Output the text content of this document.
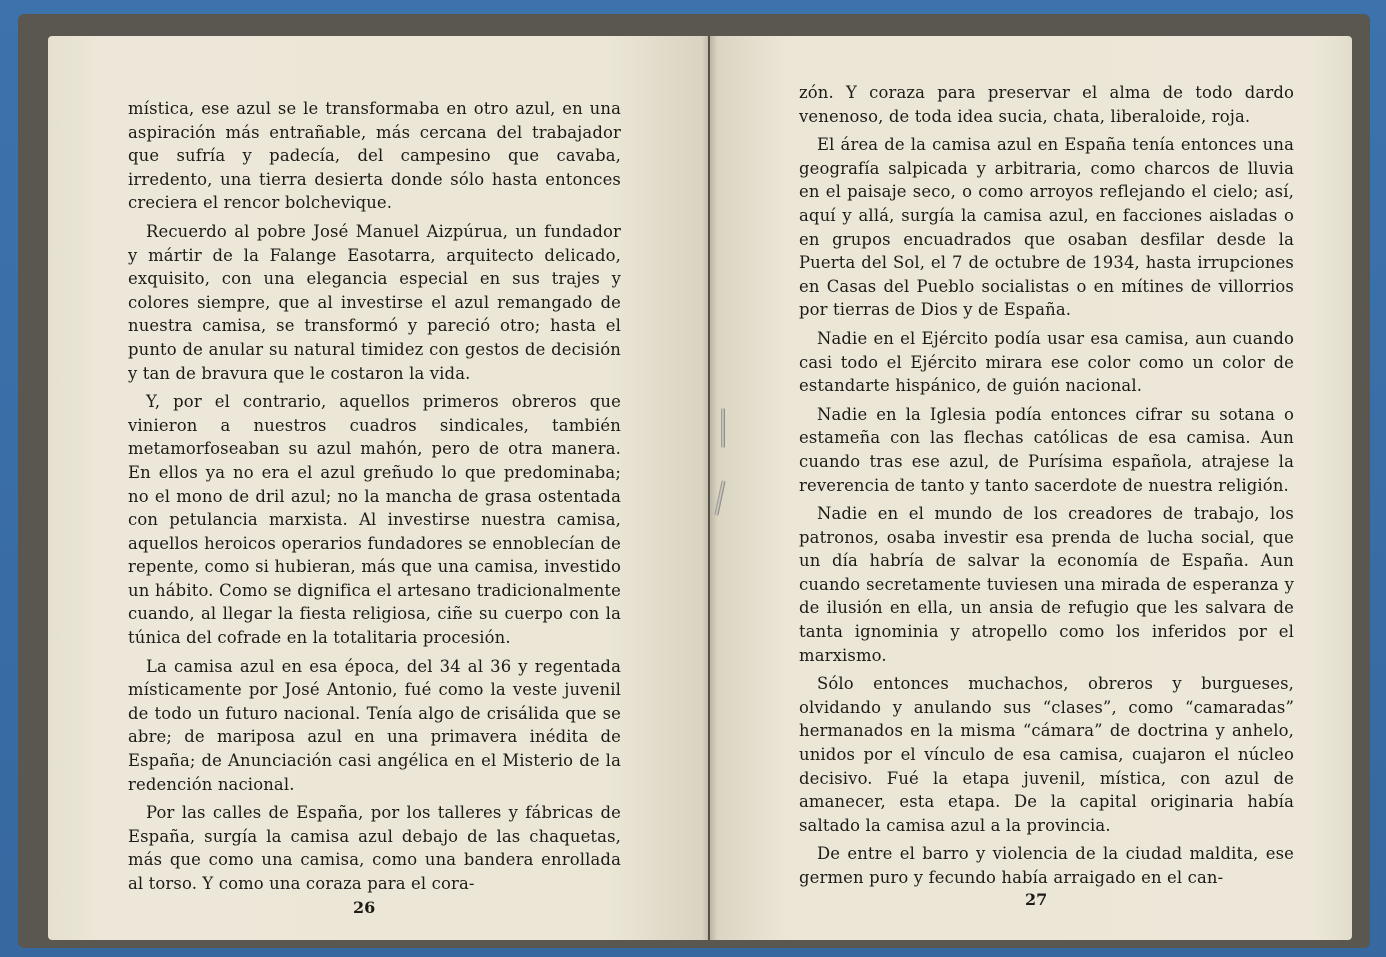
mística, ese azul se le transformaba en otro azul, en una aspiración más entrañable, más cercana del trabajador que sufría y padecía, del campesino que cavaba, irredento, una tierra desierta donde sólo hasta entonces creciera el rencor bolchevique.

Recuerdo al pobre José Manuel Aizpúrua, un fundador y mártir de la Falange Easotarra, arquitecto delicado, exquisito, con una elegancia especial en sus trajes y colores siempre, que al investirse el azul remangado de nuestra camisa, se transformó y pareció otro; hasta el punto de anular su natural timidez con gestos de decisión y tan de bravura que le costaron la vida.

Y, por el contrario, aquellos primeros obreros que vinieron a nuestros cuadros sindicales, también metamorfoseaban su azul mahón, pero de otra manera. En ellos ya no era el azul greñudo lo que predominaba; no el mono de dril azul; no la mancha de grasa ostentada con petulancia marxista. Al investirse nuestra camisa, aquellos heroicos operarios fundadores se ennoblecían de repente, como si hubieran, más que una camisa, investido un hábito. Como se dignifica el artesano tradicionalmente cuando, al llegar la fiesta religiosa, ciñe su cuerpo con la túnica del cofrade en la totalitaria procesión.

La camisa azul en esa época, del 34 al 36 y regentada místicamente por José Antonio, fué como la veste juvenil de todo un futuro nacional. Tenía algo de crisálida que se abre; de mariposa azul en una primavera inédita de España; de Anunciación casi angélica en el Misterio de la redención nacional.

Por las calles de España, por los talleres y fábricas de España, surgía la camisa azul debajo de las chaquetas, más que como una camisa, como una bandera enrollada al torso. Y como una coraza para el cora-

26

zón. Y coraza para preservar el alma de todo dardo venenoso, de toda idea sucia, chata, liberaloide, roja.

El área de la camisa azul en España tenía entonces una geografía salpicada y arbitraria, como charcos de lluvia en el paisaje seco, o como arroyos reflejando el cielo; así, aquí y allá, surgía la camisa azul, en facciones aisladas o en grupos encuadrados que osaban desfilar desde la Puerta del Sol, el 7 de octubre de 1934, hasta irrupciones en Casas del Pueblo socialistas o en mítines de villorrios por tierras de Dios y de España.

Nadie en el Ejército podía usar esa camisa, aun cuando casi todo el Ejército mirara ese color como un color de estandarte hispánico, de guión nacional.

Nadie en la Iglesia podía entonces cifrar su sotana o estameña con las flechas católicas de esa camisa. Aun cuando tras ese azul, de Purísima española, atrajese la reverencia de tanto y tanto sacerdote de nuestra religión.

Nadie en el mundo de los creadores de trabajo, los patronos, osaba investir esa prenda de lucha social, que un día habría de salvar la economía de España. Aun cuando secretamente tuviesen una mirada de esperanza y de ilusión en ella, un ansia de refugio que les salvara de tanta ignominia y atropello como los inferidos por el marxismo.

Sólo entonces muchachos, obreros y burgueses, olvidando y anulando sus “clases”, como “camaradas” hermanados en la misma “cámara” de doctrina y anhelo, unidos por el vínculo de esa camisa, cuajaron el núcleo decisivo. Fué la etapa juvenil, mística, con azul de amanecer, esta etapa. De la capital originaria había saltado la camisa azul a la provincia.

De entre el barro y violencia de la ciudad maldita, ese germen puro y fecundo había arraigado en el can-

27
